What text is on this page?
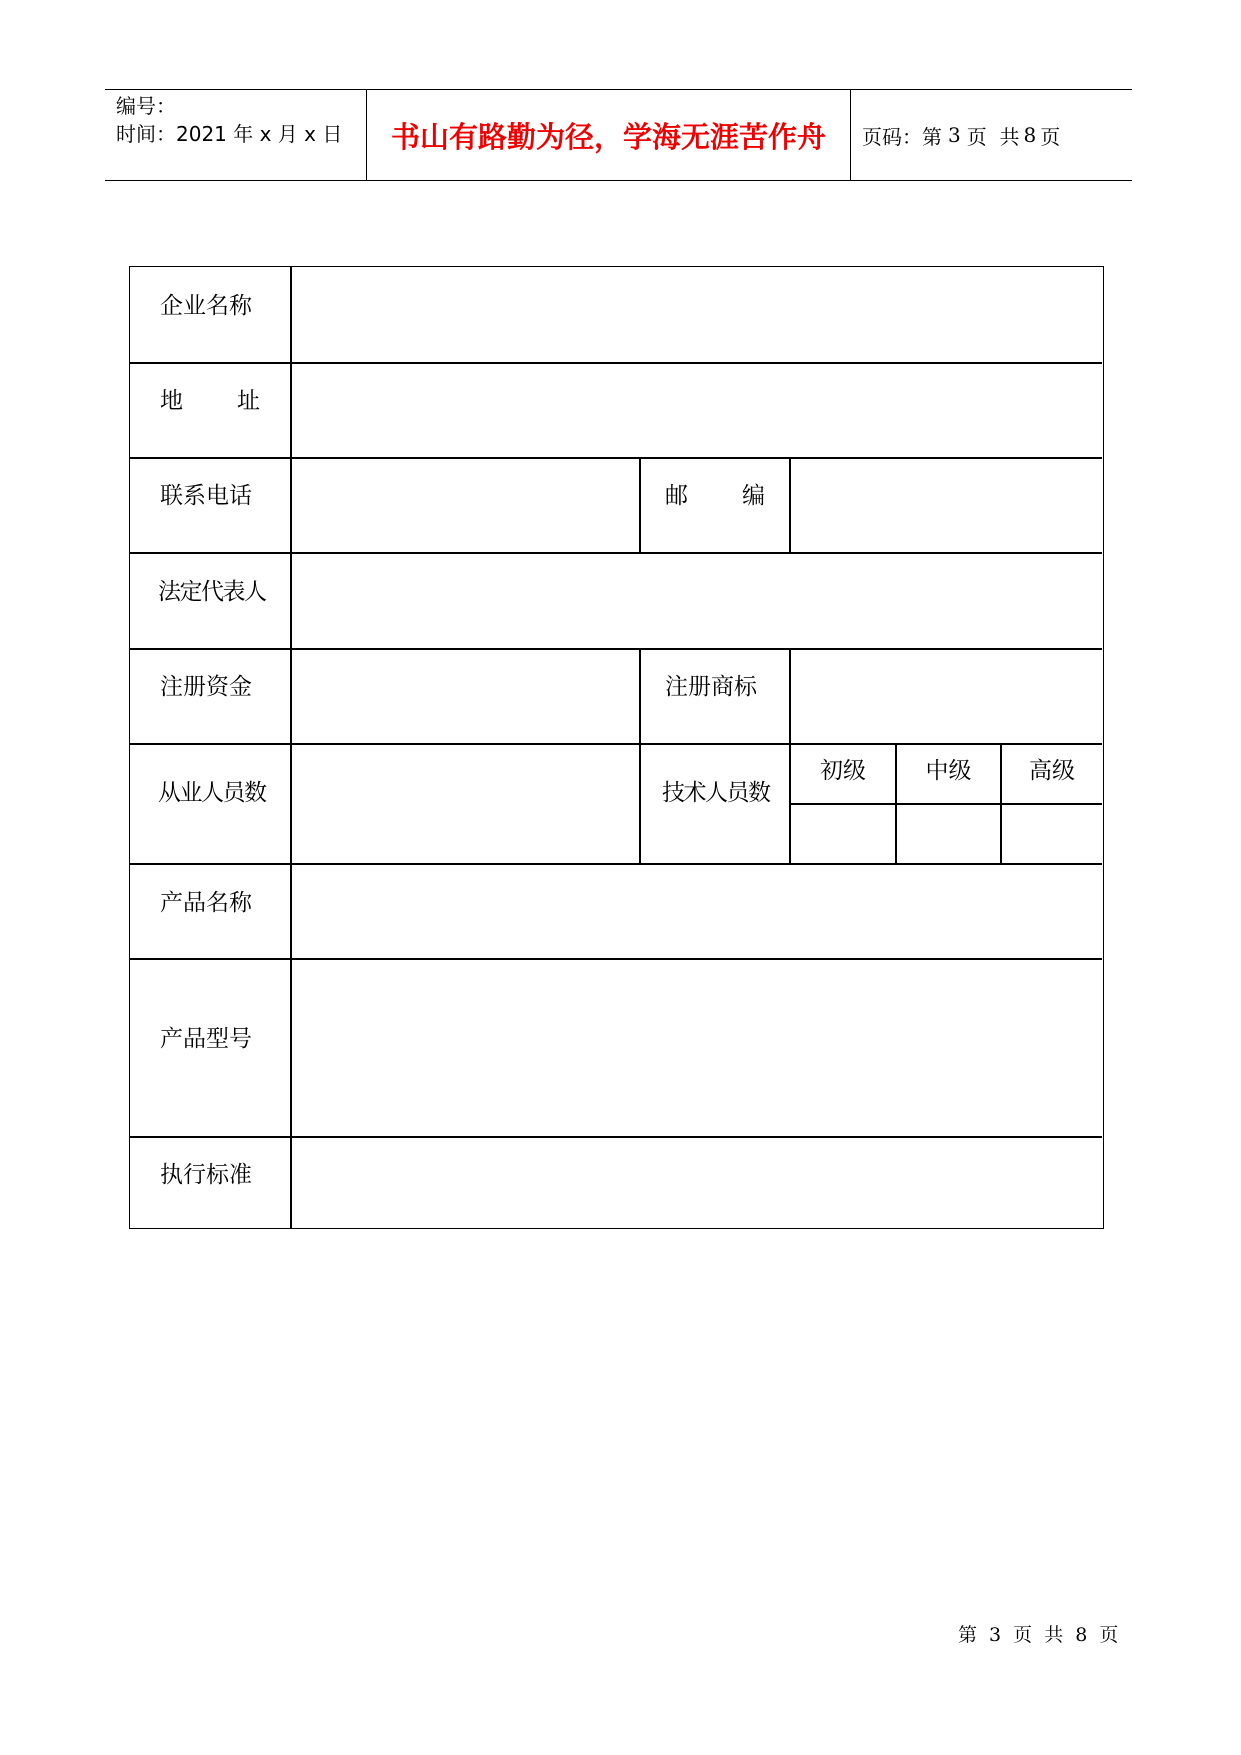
编号：
时间：2021 年 x 月 x 日	书山有路勤为径，学海无涯苦作舟	页码：第 3 页  共 8 页
企业名称
地 址
联系电话	邮 编
法定代表人
注册资金	注册商标
从业人员数	技术人员数
初级	中级	高级
产品名称
产品型号
执行标准
第 3 页 共 8 页
